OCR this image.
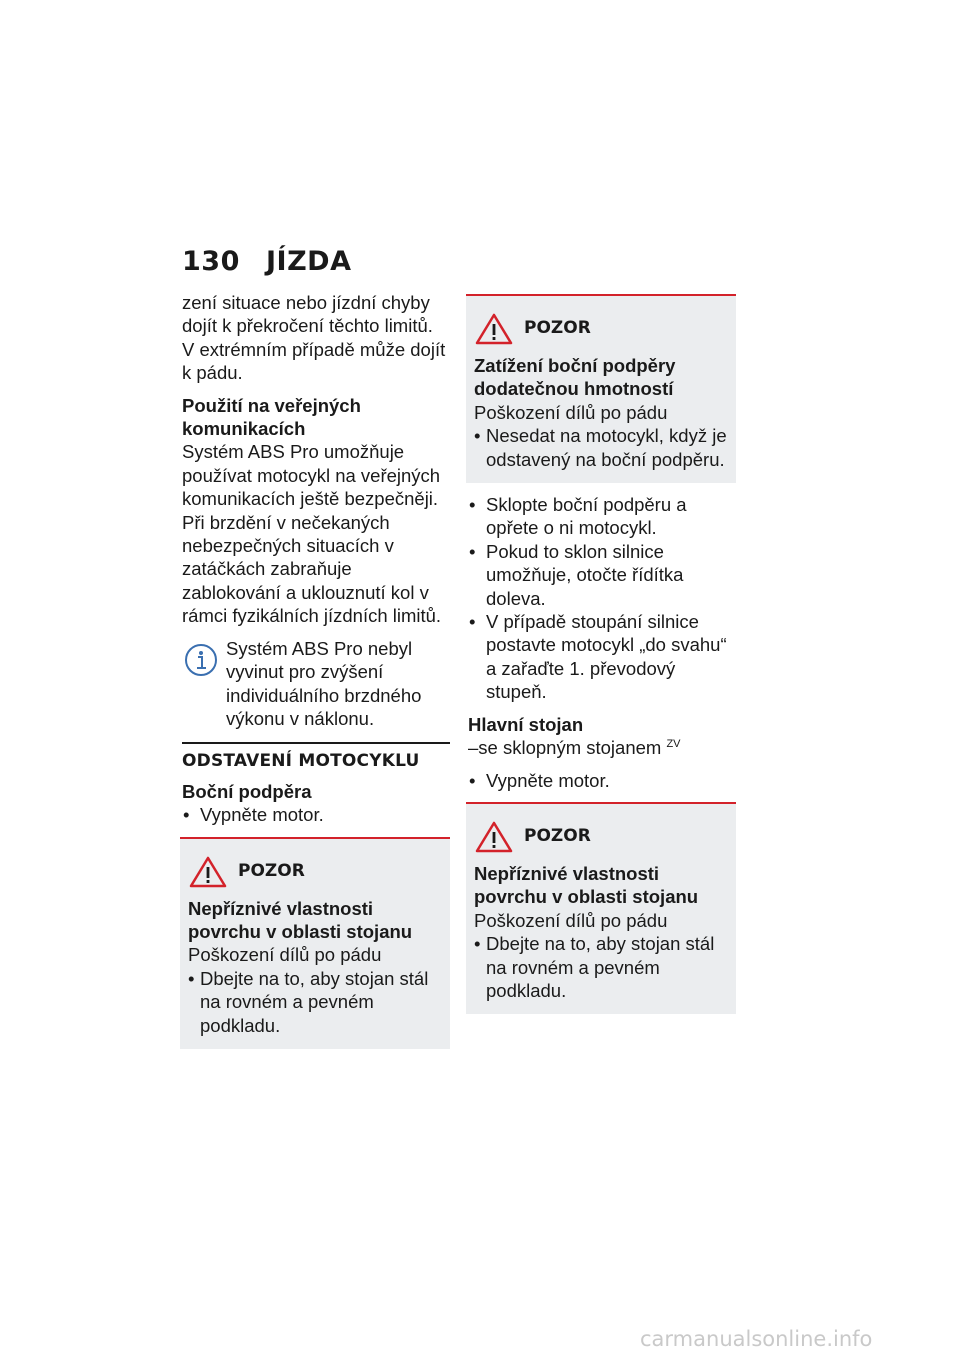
130 JÍZDA

zení situace nebo jízdní chyby dojít k překročení těchto limitů. V extrémním případě může dojít k pádu.

Použití na veřejných komunikacích

Systém ABS Pro umožňuje používat motocykl na veřejných komunikacích ještě bezpečněji. Při brzdění v nečekaných nebezpečných situacích v zatáčkách zabraňuje zablokování a uklouznutí kol v rámci fyzikálních jízdních limitů.

Systém ABS Pro nebyl vyvinut pro zvýšení individuálního brzdného výkonu v náklonu.

ODSTAVENÍ MOTOCYKLU

Boční podpěra

• Vypněte motor.

POZOR

Nepříznivé vlastnosti povrchu v oblasti stojanu

Poškození dílů po pádu

• Dbejte na to, aby stojan stál na rovném a pevném podkladu.

POZOR

Zatížení boční podpěry dodatečnou hmotností

Poškození dílů po pádu

• Nesedat na motocykl, když je odstavený na boční podpěru.

• Sklopte boční podpěru a opřete o ni motocykl.

• Pokud to sklon silnice umožňuje, otočte řídítka doleva.

• V případě stoupání silnice postavte motocykl „do svahu“ a zařaďte 1. převodový stupeň.

Hlavní stojan

–se sklopným stojanem $^{ZV}$

• Vypněte motor.

POZOR

Nepříznivé vlastnosti povrchu v oblasti stojanu

Poškození dílů po pádu

• Dbejte na to, aby stojan stál na rovném a pevném podkladu.

carmanualsonline.info
